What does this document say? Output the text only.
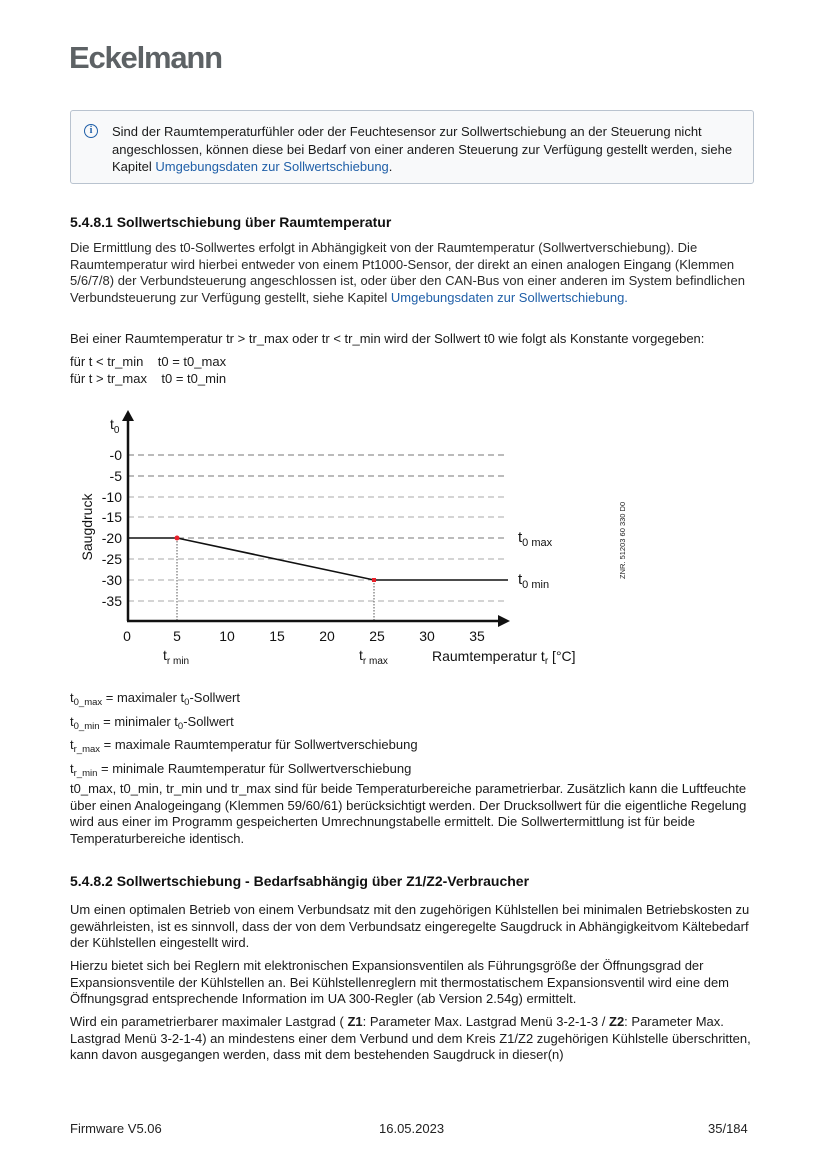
Eckelmann
i	Sind der Raumtemperaturfühler oder der Feuchtesensor zur Sollwertschiebung an der Steuerung nicht angeschlossen, können diese bei Bedarf von einer anderen Steuerung zur Verfügung gestellt werden, siehe Kapitel Umgebungsdaten zur Sollwertschiebung.
5.4.8.1 Sollwertschiebung über Raumtemperatur
Die Ermittlung des t0-Sollwertes erfolgt in Abhängigkeit von der Raumtemperatur (Sollwertverschiebung). Die Raumtemperatur wird hierbei entweder von einem Pt1000-Sensor, der direkt an einen analogen Eingang (Klemmen 5/6/7/8) der Verbundsteuerung angeschlossen ist, oder über den CAN-Bus von einer anderen im System befindlichen Verbundsteuerung zur Verfügung gestellt, siehe Kapitel Umgebungsdaten zur Sollwertschiebung.
Bei einer Raumtemperatur tr > tr_max oder tr < tr_min wird der Sollwert t0 wie folgt als Konstante vorgegeben:
für t < tr_min    t0 = t0_max
für t > tr_max    t0 = t0_min
-0
-5
-10
-15
-20
-25
-30
-35
$t_0$
Saugdruck
0	5	10 15 20 25 30 35
$t_{r min}$	$t_{r max}$	Raumtemperatur $t_r$ [°C]
$t_{0 max}$
$t_{0 min}$
ZNR. 51203 60 330 D0
$t_{0\_max}$ = maximaler $t_0$-Sollwert
$t_{0\_min}$ = minimaler $t_0$-Sollwert
$t_{r\_max}$ = maximale Raumtemperatur für Sollwertverschiebung
$t_{r\_min}$ = minimale Raumtemperatur für Sollwertverschiebung
t0_max, t0_min, tr_min und tr_max sind für beide Temperaturbereiche parametrierbar. Zusätzlich kann die Luftfeuchte über einen Analogeingang (Klemmen 59/60/61) berücksichtigt werden. Der Drucksollwert für die eigentliche Regelung wird aus einer im Programm gespeicherten Umrechnungstabelle ermittelt. Die Sollwertermittlung ist für beide Temperaturbereiche identisch.
5.4.8.2 Sollwertschiebung - Bedarfsabhängig über Z1/Z2-Verbraucher
Um einen optimalen Betrieb von einem Verbundsatz mit den zugehörigen Kühlstellen bei minimalen Betriebskosten zu gewährleisten, ist es sinnvoll, dass der von dem Verbundsatz eingeregelte Saugdruck in Abhängigkeitvom Kältebedarf der Kühlstellen eingestellt wird.
Hierzu bietet sich bei Reglern mit elektronischen Expansionsventilen als Führungsgröße der Öffnungsgrad der Expansionsventile der Kühlstellen an. Bei Kühlstellenreglern mit thermostatischem Expansionsventil wird eine dem Öffnungsgrad entsprechende Information im UA 300-Regler (ab Version 2.54g) ermittelt.
Wird ein parametrierbarer maximaler Lastgrad ( Z1: Parameter Max. Lastgrad Menü 3-2-1-3 / Z2: Parameter Max. Lastgrad Menü 3-2-1-4) an mindestens einer dem Verbund und dem Kreis Z1/Z2 zugehörigen Kühlstelle überschritten, kann davon ausgegangen werden, dass mit dem bestehenden Saugdruck in dieser(n)
Firmware V5.06	16.05.2023	35/184
